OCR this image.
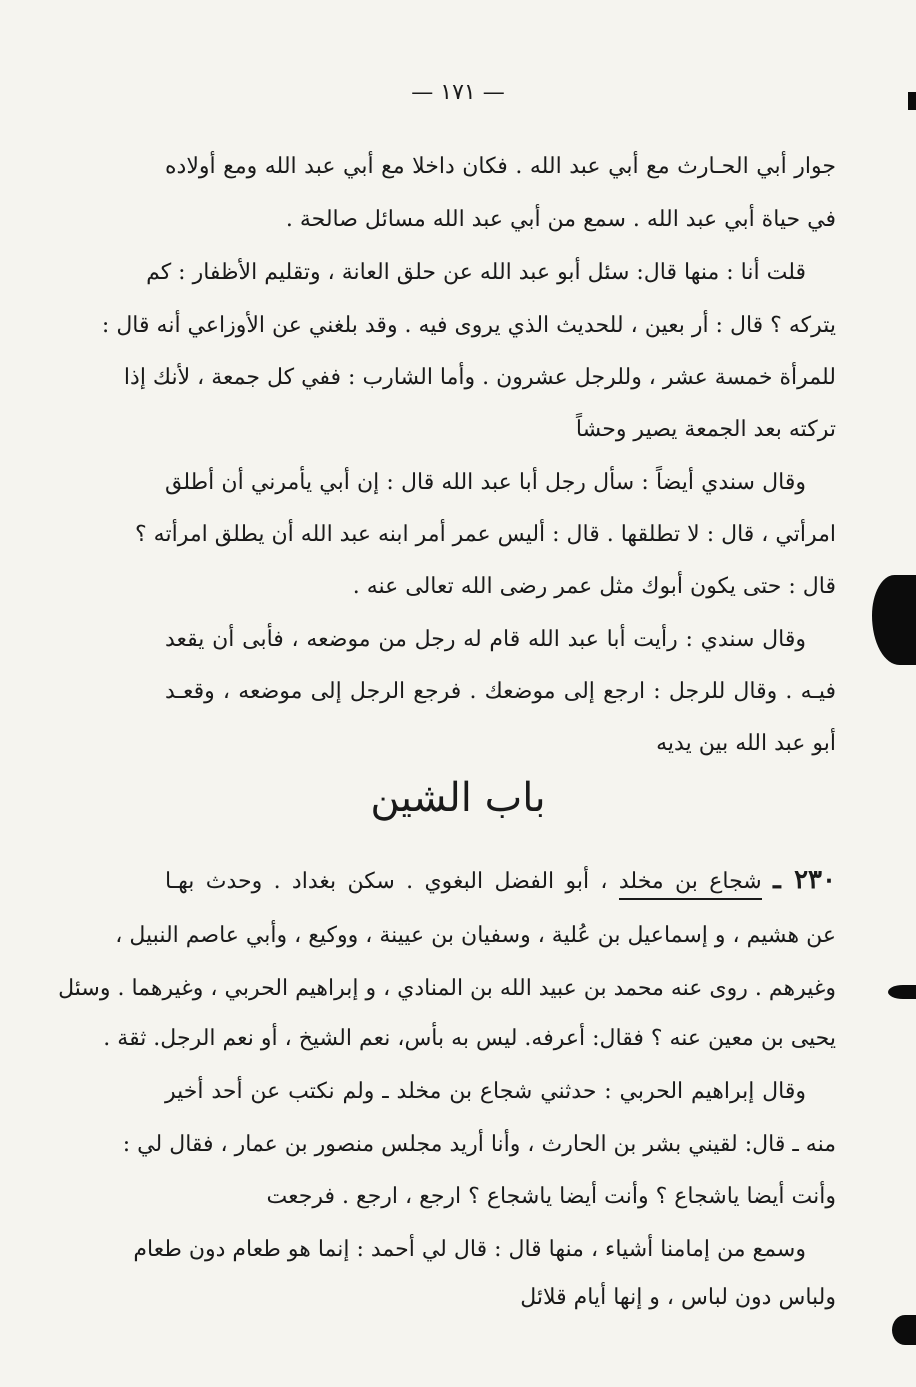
— ١٧١ —
جوار أبي الحـارث مع أبي عبد الله . فكان داخلا مع أبي عبد الله ومع أولاده
في حياة أبي عبد الله . سمع من أبي عبد الله مسائل صالحة .
قلت أنا : منها قال: سئل أبو عبد الله عن حلق العانة ، وتقليم الأظفار : كم
يتركه ؟ قال : أر بعين ، للحديث الذي يروى فيه . وقد بلغني عن الأوزاعي أنه قال :
للمرأة خمسة عشر ، وللرجل عشرون . وأما الشارب : ففي كل جمعة ، لأنك إذا
تركته بعد الجمعة يصير وحشاً
وقال سندي أيضاً : سأل رجل أبا عبد الله قال : إن أبي يأمرني أن أطلق
امرأتي ، قال : لا تطلقها . قال : أليس عمر أمر ابنه عبد الله أن يطلق امرأته ؟
قال : حتى يكون أبوك مثل عمر رضى الله تعالى عنه .
وقال سندي : رأيت أبا عبد الله قام له رجل من موضعه ، فأبى أن يقعد
فيـه . وقال للرجل : ارجع إلى موضعك . فرجع الرجل إلى موضعه ، وقعـد
أبو عبد الله بين يديه
باب الشين
٢٣٠ ـ شجاع بن مخلد ، أبو الفضل البغوي . سكن بغداد . وحدث بهـا
عن هشيم ، و إسماعيل بن عُلية ، وسفيان بن عيينة ، ووكيع ، وأبي عاصم النبيل ،
وغيرهم . روى عنه محمد بن عبيد الله بن المنادي ، و إبراهيم الحربي ، وغيرهما . وسئل
يحيى بن معين عنه ؟ فقال: أعرفه. ليس به بأس، نعم الشيخ ، أو نعم الرجل. ثقة .
وقال إبراهيم الحربي : حدثني شجاع بن مخلد ـ ولم نكتب عن أحد أخير
منه ـ قال: لقيني بشر بن الحارث ، وأنا أريد مجلس منصور بن عمار ، فقال لي :
وأنت أيضا ياشجاع ؟ وأنت أيضا ياشجاع ؟ ارجع ، ارجع . فرجعت
وسمع من إمامنا أشياء ، منها قال : قال لي أحمد : إنما هو طعام دون طعام
ولباس دون لباس ، و إنها أيام قلائل
